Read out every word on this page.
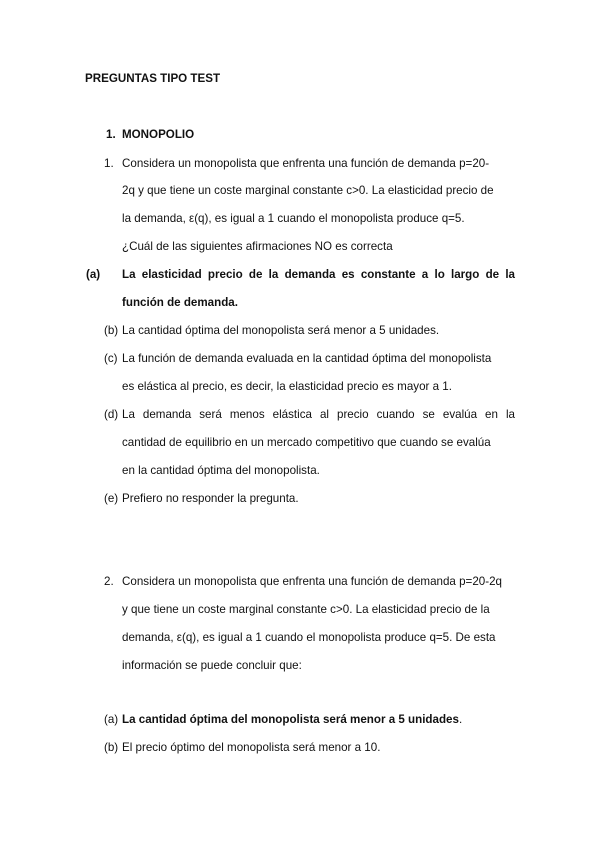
PREGUNTAS TIPO TEST
1. MONOPOLIO
1. Considera un monopolista que enfrenta una función de demanda p=20-
2q y que tiene un coste marginal constante c>0. La elasticidad precio de
la demanda, ε(q), es igual a 1 cuando el monopolista produce q=5.
¿Cuál de las siguientes afirmaciones NO es correcta
(a) La elasticidad precio de la demanda es constante a lo largo de la
función de demanda.
(b) La cantidad óptima del monopolista será menor a 5 unidades.
(c) La función de demanda evaluada en la cantidad óptima del monopolista
es elástica al precio, es decir, la elasticidad precio es mayor a 1.
(d) La demanda será menos elástica al precio cuando se evalúa en la
cantidad de equilibrio en un mercado competitivo que cuando se evalúa
en la cantidad óptima del monopolista.
(e) Prefiero no responder la pregunta.
2. Considera un monopolista que enfrenta una función de demanda p=20-2q
y que tiene un coste marginal constante c>0. La elasticidad precio de la
demanda, ε(q), es igual a 1 cuando el monopolista produce q=5. De esta
información se puede concluir que:
(a) La cantidad óptima del monopolista será menor a 5 unidades.
(b) El precio óptimo del monopolista será menor a 10.
